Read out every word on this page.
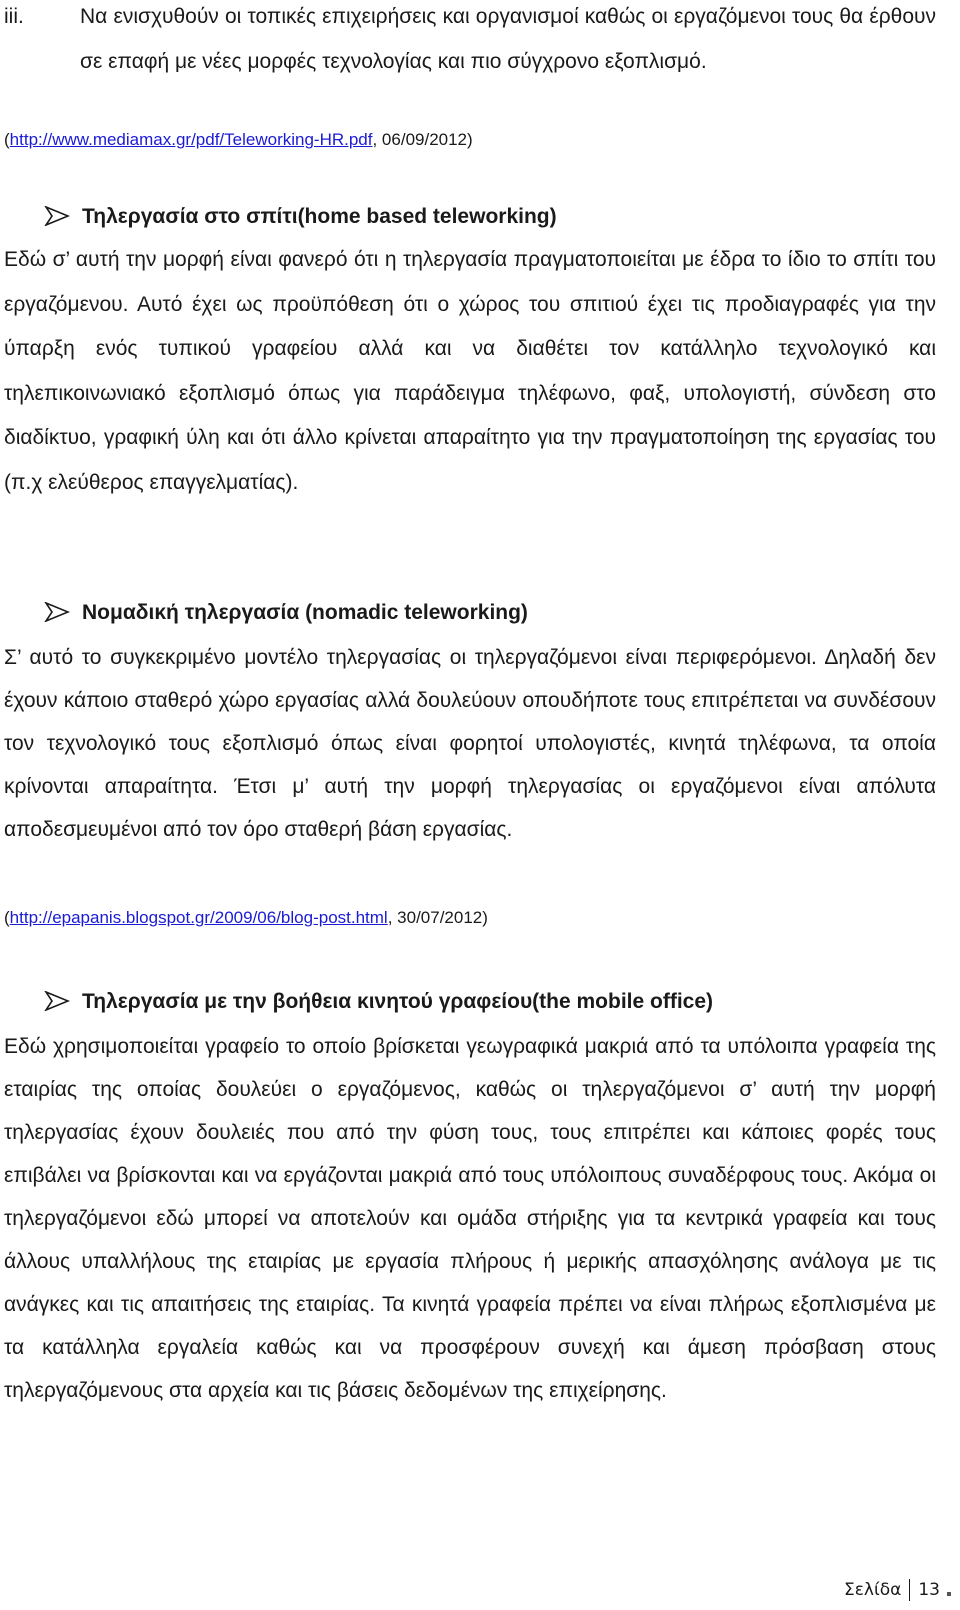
iii.	Να ενισχυθούν οι τοπικές επιχειρήσεις και οργανισμοί καθώς οι εργαζόμενοι τους θα έρθουν σε επαφή με νέες μορφές τεχνολογίας και πιο σύγχρονο εξοπλισμό.
(http://www.mediamax.gr/pdf/Teleworking-HR.pdf, 06/09/2012)
Τηλεργασία στο σπίτι(home based teleworking)

Εδώ σ’ αυτή την μορφή είναι φανερό ότι η τηλεργασία πραγματοποιείται με έδρα το ίδιο το σπίτι του εργαζόμενου. Αυτό έχει ως προϋπόθεση ότι ο χώρος του σπιτιού έχει τις προδιαγραφές για την ύπαρξη ενός τυπικού γραφείου αλλά και να διαθέτει τον κατάλληλο τεχνολογικό και τηλεπικοινωνιακό εξοπλισμό όπως για παράδειγμα τηλέφωνο, φαξ, υπολογιστή, σύνδεση στο διαδίκτυο, γραφική ύλη και ότι άλλο κρίνεται απαραίτητο για την πραγματοποίηση της εργασίας του (π.χ ελεύθερος επαγγελματίας).

Νομαδική τηλεργασία (nomadic teleworking)

Σ’ αυτό το συγκεκριμένο μοντέλο τηλεργασίας οι τηλεργαζόμενοι είναι περιφερόμενοι. Δηλαδή δεν έχουν κάποιο σταθερό χώρο εργασίας αλλά δουλεύουν οπουδήποτε τους επιτρέπεται να συνδέσουν τον τεχνολογικό τους εξοπλισμό όπως είναι φορητοί υπολογιστές, κινητά τηλέφωνα, τα οποία κρίνονται απαραίτητα. Έτσι μ’ αυτή την μορφή τηλεργασίας οι εργαζόμενοι είναι απόλυτα αποδεσμευμένοι από τον όρο σταθερή βάση εργασίας.

(http://epapanis.blogspot.gr/2009/06/blog-post.html, 30/07/2012)
Τηλεργασία με την βοήθεια κινητού γραφείου(the mobile office)

Εδώ χρησιμοποιείται γραφείο το οποίο βρίσκεται γεωγραφικά μακριά από τα υπόλοιπα γραφεία της εταιρίας της οποίας δουλεύει ο εργαζόμενος, καθώς οι τηλεργαζόμενοι σ’ αυτή την μορφή τηλεργασίας έχουν δουλειές που από την φύση τους, τους επιτρέπει και κάποιες φορές τους επιβάλει να βρίσκονται και να εργάζονται μακριά από τους υπόλοιπους συναδέρφους τους. Ακόμα οι τηλεργαζόμενοι εδώ μπορεί να αποτελούν και ομάδα στήριξης για τα κεντρικά γραφεία και τους άλλους υπαλλήλους της εταιρίας με εργασία πλήρους ή μερικής απασχόλησης ανάλογα με τις ανάγκες και τις απαιτήσεις της εταιρίας. Τα κινητά γραφεία πρέπει να είναι πλήρως εξοπλισμένα με τα κατάλληλα εργαλεία καθώς και να προσφέρουν συνεχή και άμεση πρόσβαση στους τηλεργαζόμενους στα αρχεία και τις βάσεις δεδομένων της επιχείρησης.

Σελίδα 13
